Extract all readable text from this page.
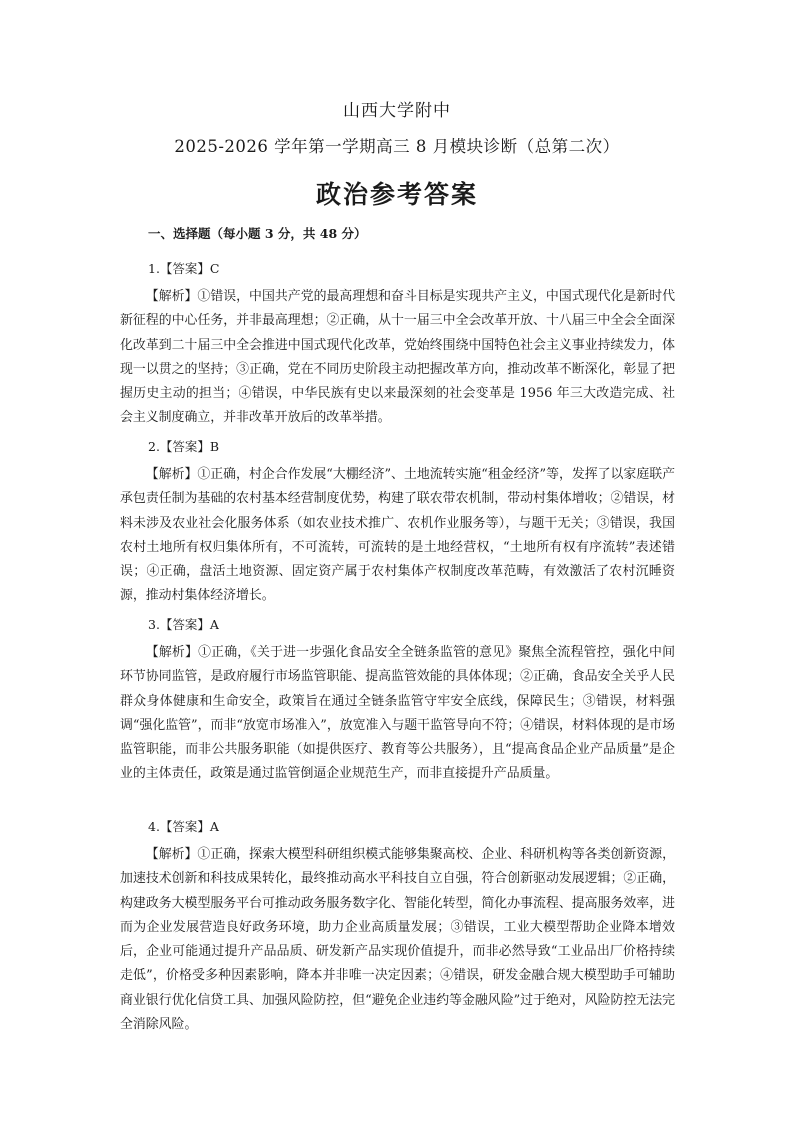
山西大学附中
2025-2026 学年第一学期高三 8 月模块诊断（总第二次）
政治参考答案
一、选择题（每小题 3 分，共 48 分）
1.【答案】C

【解析】①错误，中国共产党的最高理想和奋斗目标是实现共产主义，中国式现代化是新时代新征程的中心任务，并非最高理想；②正确，从十一届三中全会改革开放、十八届三中全会全面深化改革到二十届三中全会推进中国式现代化改革，党始终围绕中国特色社会主义事业持续发力，体现一以贯之的坚持；③正确，党在不同历史阶段主动把握改革方向，推动改革不断深化，彰显了把握历史主动的担当；④错误，中华民族有史以来最深刻的社会变革是 1956 年三大改造完成、社会主义制度确立，并非改革开放后的改革举措。

2.【答案】B

【解析】①正确，村企合作发展“大棚经济”、土地流转实施“租金经济”等，发挥了以家庭联产承包责任制为基础的农村基本经营制度优势，构建了联农带农机制，带动村集体增收；②错误，材料未涉及农业社会化服务体系（如农业技术推广、农机作业服务等），与题干无关；③错误，我国农村土地所有权归集体所有，不可流转，可流转的是土地经营权，“土地所有权有序流转”表述错误；④正确，盘活土地资源、固定资产属于农村集体产权制度改革范畴，有效激活了农村沉睡资源，推动村集体经济增长。

3.【答案】A

【解析】①正确，《关于进一步强化食品安全全链条监管的意见》聚焦全流程管控，强化中间环节协同监管，是政府履行市场监管职能、提高监管效能的具体体现；②正确，食品安全关乎人民群众身体健康和生命安全，政策旨在通过全链条监管守牢安全底线，保障民生；③错误，材料强调“强化监管”，而非“放宽市场准入”，放宽准入与题干监管导向不符；④错误，材料体现的是市场监管职能，而非公共服务职能（如提供医疗、教育等公共服务），且“提高食品企业产品质量”是企业的主体责任，政策是通过监管倒逼企业规范生产，而非直接提升产品质量。

4.【答案】A

【解析】①正确，探索大模型科研组织模式能够集聚高校、企业、科研机构等各类创新资源，加速技术创新和科技成果转化，最终推动高水平科技自立自强，符合创新驱动发展逻辑；②正确，构建政务大模型服务平台可推动政务服务数字化、智能化转型，简化办事流程、提高服务效率，进而为企业发展营造良好政务环境，助力企业高质量发展；③错误，工业大模型帮助企业降本增效后，企业可能通过提升产品品质、研发新产品实现价值提升，而非必然导致“工业品出厂价格持续走低”，价格受多种因素影响，降本并非唯一决定因素；④错误，研发金融合规大模型助手可辅助商业银行优化信贷工具、加强风险防控，但“避免企业违约等金融风险”过于绝对，风险防控无法完全消除风险。
